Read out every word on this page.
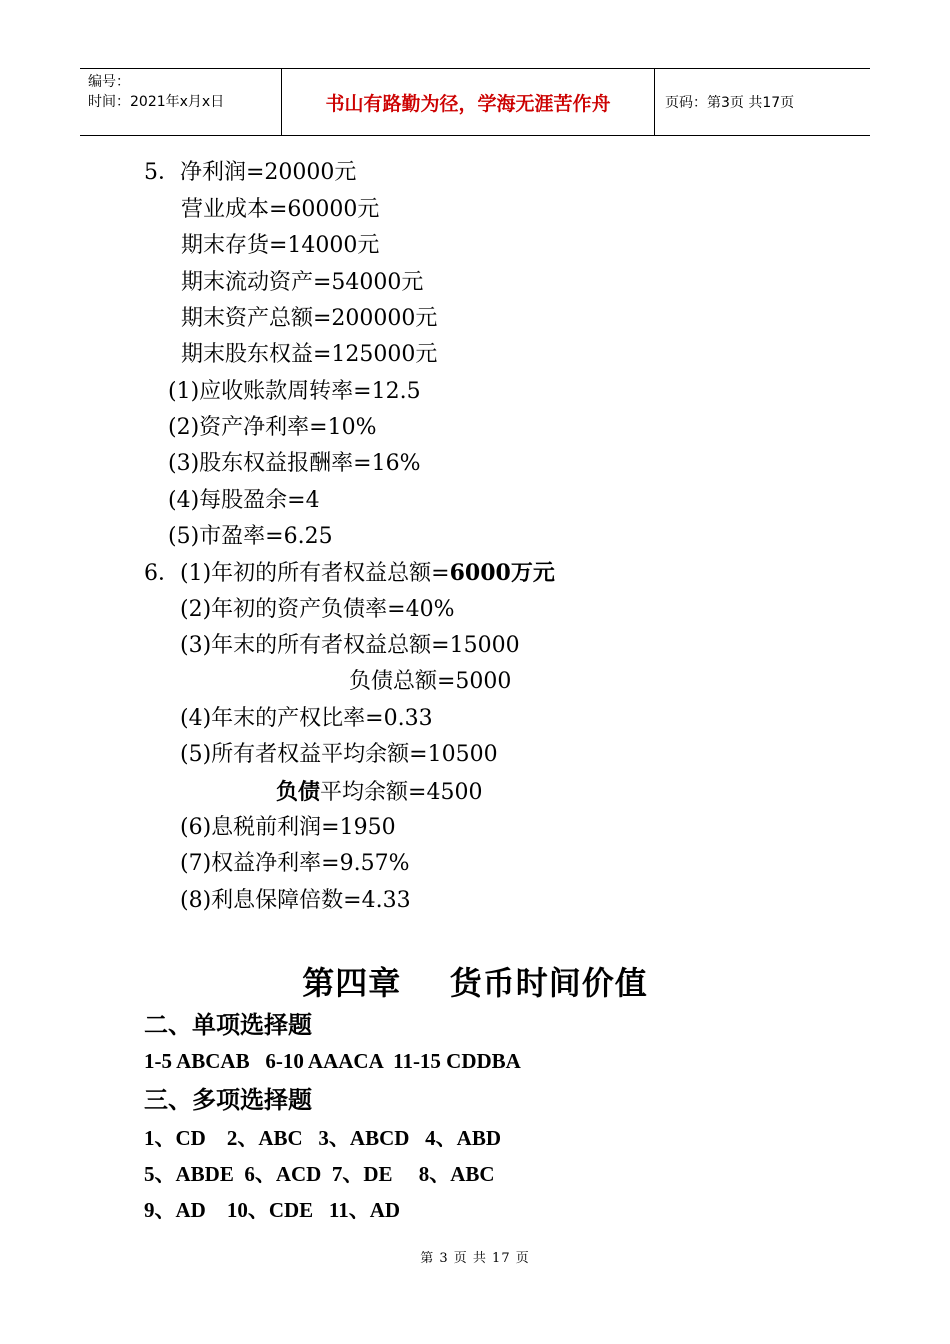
编号：
时间：2021年x月x日	书山有路勤为径，学海无涯苦作舟	页码：第3页 共17页
5．净利润=20000元
营业成本=60000元
期末存货=14000元
期末流动资产=54000元
期末资产总额=200000元
期末股东权益=125000元
(1)应收账款周转率=12.5
(2)资产净利率=10%
(3)股东权益报酬率=16%
(4)每股盈余=4
(5)市盈率=6.25
6．(1)年初的所有者权益总额=6000万元
(2)年初的资产负债率=40%
(3)年末的所有者权益总额=15000
负债总额=5000
(4)年末的产权比率=0.33
(5)所有者权益平均余额=10500
负债平均余额=4500
(6)息税前利润=1950
(7)权益净利率=9.57%
(8)利息保障倍数=4.33
第四章    货币时间价值
二、单项选择题
1-5 ABCAB   6-10 AAACA  11-15 CDDBA
三、多项选择题
1、CD    2、ABC   3、ABCD   4、ABD
5、ABDE  6、ACD  7、DE     8、ABC
9、AD    10、CDE   11、AD
第 3 页 共 17 页
